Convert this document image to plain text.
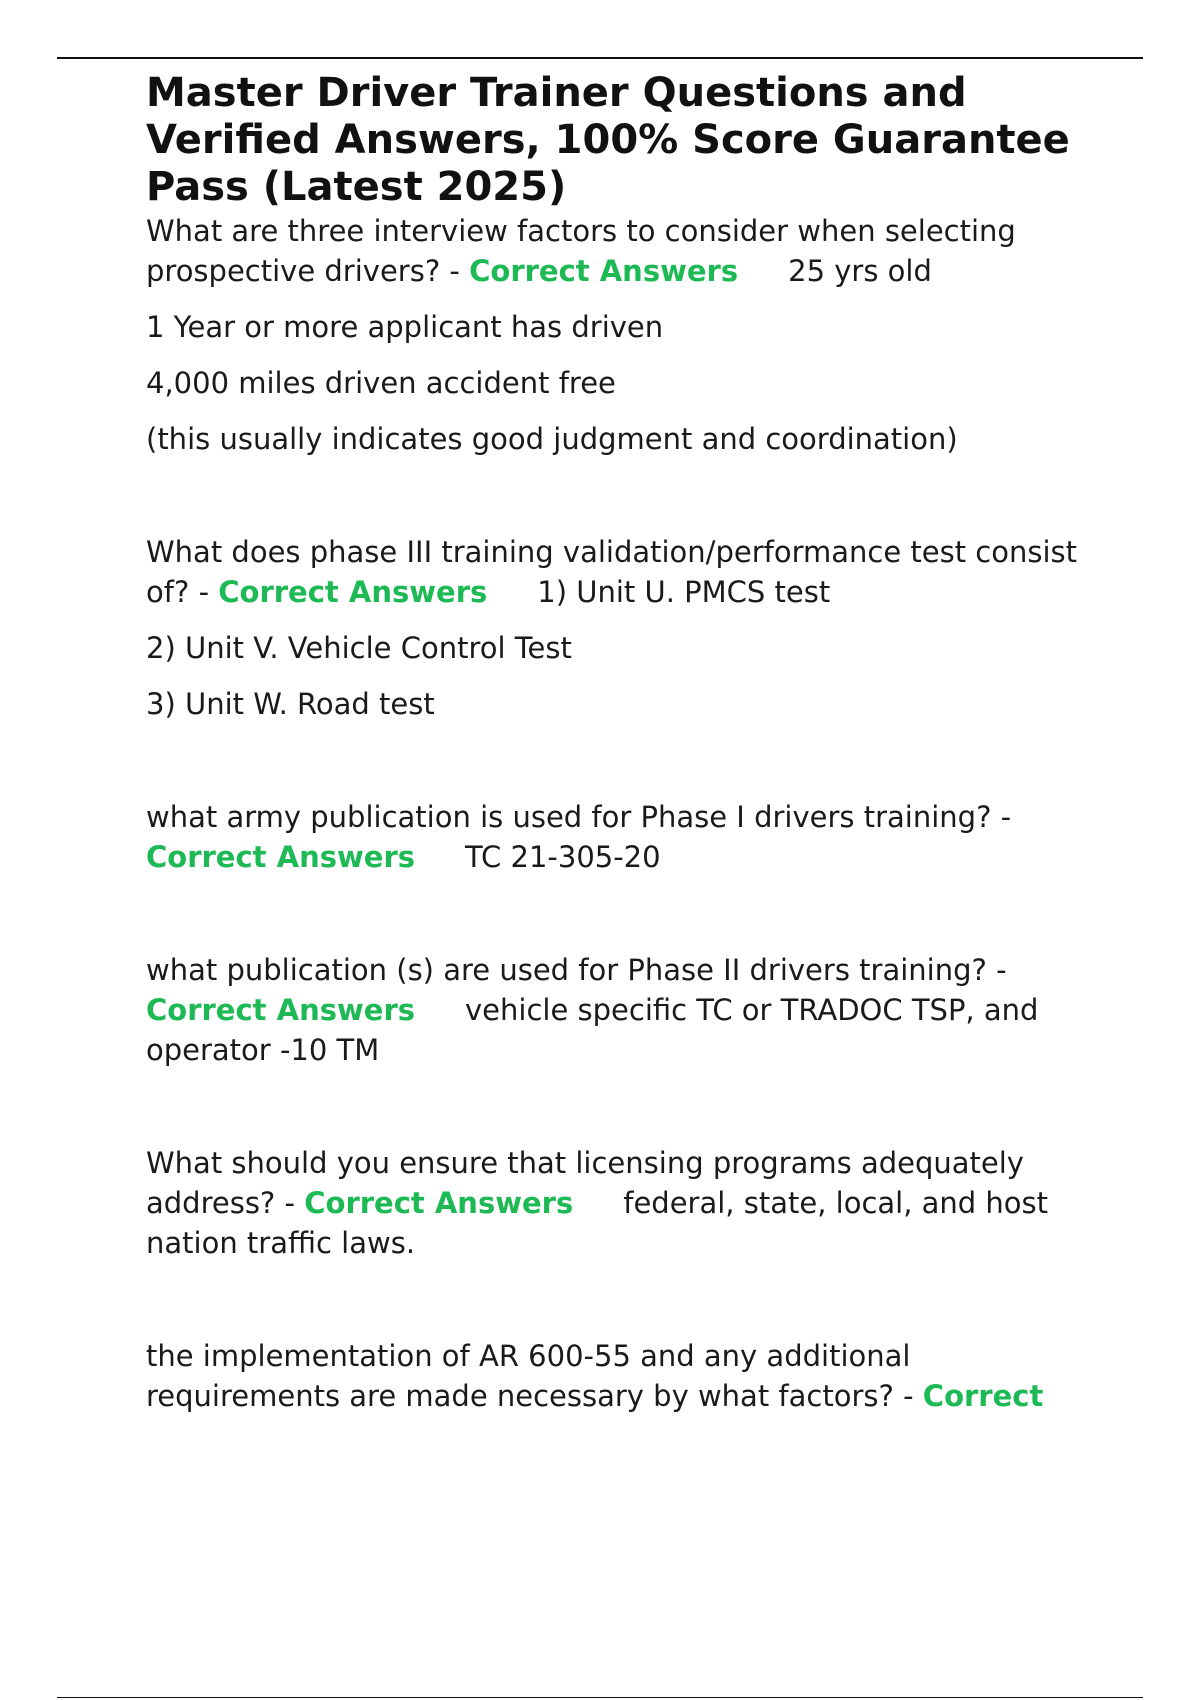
Master Driver Trainer Questions and Verified Answers, 100% Score Guarantee Pass (Latest 2025)

What are three interview factors to consider when selecting prospective drivers? - Correct Answers 25 yrs old

1 Year or more applicant has driven

4,000 miles driven accident free

(this usually indicates good judgment and coordination)

What does phase III training validation/performance test consist of? - Correct Answers 1) Unit U. PMCS test

2) Unit V. Vehicle Control Test

3) Unit W. Road test

what army publication is used for Phase I drivers training? - Correct Answers TC 21-305-20

what publication (s) are used for Phase II drivers training? - Correct Answers vehicle specific TC or TRADOC TSP, and operator -10 TM

What should you ensure that licensing programs adequately address? - Correct Answers federal, state, local, and host nation traffic laws.

the implementation of AR 600-55 and any additional requirements are made necessary by what factors? - Correct
